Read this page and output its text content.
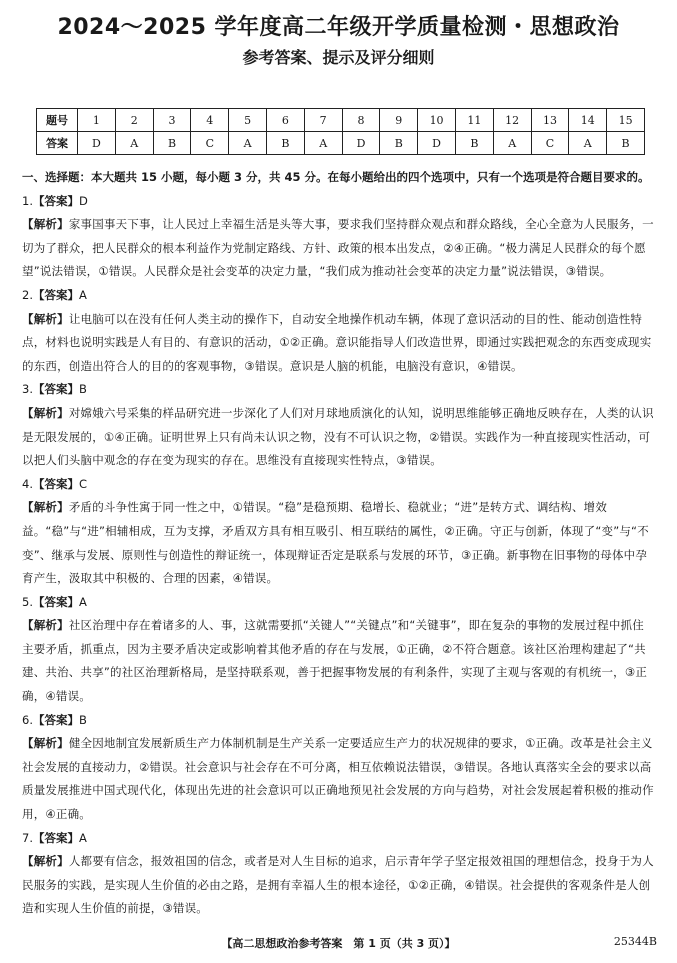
2024～2025 学年度高二年级开学质量检测・思想政治
参考答案、提示及评分细则
题号	1	2	3	4	5	6	7	8	9	10	11	12	13	14	15
答案	D	A	B	C	A	B	A	D	B	D	B	A	C	A	B
一、选择题：本大题共 15 小题，每小题 3 分，共 45 分。在每小题给出的四个选项中，只有一个选项是符合题目要求的。
1.【答案】D
【解析】家事国事天下事，让人民过上幸福生活是头等大事，要求我们坚持群众观点和群众路线，全心全意为人民服务，一切为了群众，把人民群众的根本利益作为党制定路线、方针、政策的根本出发点，②④正确。“极力满足人民群众的每个愿望”说法错误，①错误。人民群众是社会变革的决定力量，“我们成为推动社会变革的决定力量”说法错误，③错误。
2.【答案】A
【解析】让电脑可以在没有任何人类主动的操作下，自动安全地操作机动车辆，体现了意识活动的目的性、能动创造性特点，材料也说明实践是人有目的、有意识的活动，①②正确。意识能指导人们改造世界，即通过实践把观念的东西变成现实的东西，创造出符合人的目的的客观事物，③错误。意识是人脑的机能，电脑没有意识，④错误。
3.【答案】B
【解析】对嫦娥六号采集的样品研究进一步深化了人们对月球地质演化的认知，说明思维能够正确地反映存在，人类的认识是无限发展的，①④正确。证明世界上只有尚未认识之物，没有不可认识之物，②错误。实践作为一种直接现实性活动，可以把人们头脑中观念的存在变为现实的存在。思维没有直接现实性特点，③错误。
4.【答案】C
【解析】矛盾的斗争性寓于同一性之中，①错误。“稳”是稳预期、稳增长、稳就业；“进”是转方式、调结构、增效益。“稳”与“进”相辅相成，互为支撑，矛盾双方具有相互吸引、相互联结的属性，②正确。守正与创新，体现了“变”与“不变”、继承与发展、原则性与创造性的辩证统一，体现辩证否定是联系与发展的环节，③正确。新事物在旧事物的母体中孕育产生，汲取其中积极的、合理的因素，④错误。
5.【答案】A
【解析】社区治理中存在着诸多的人、事，这就需要抓“关键人”“关键点”和“关键事”，即在复杂的事物的发展过程中抓住主要矛盾，抓重点，因为主要矛盾决定或影响着其他矛盾的存在与发展，①正确，②不符合题意。该社区治理构建起了“共建、共治、共享”的社区治理新格局，是坚持联系观，善于把握事物发展的有利条件，实现了主观与客观的有机统一，③正确，④错误。
6.【答案】B
【解析】健全因地制宜发展新质生产力体制机制是生产关系一定要适应生产力的状况规律的要求，①正确。改革是社会主义社会发展的直接动力，②错误。社会意识与社会存在不可分离，相互依赖说法错误，③错误。各地认真落实全会的要求以高质量发展推进中国式现代化，体现出先进的社会意识可以正确地预见社会发展的方向与趋势，对社会发展起着积极的推动作用，④正确。
7.【答案】A
【解析】人都要有信念，报效祖国的信念，或者是对人生目标的追求，启示青年学子坚定报效祖国的理想信念，投身于为人民服务的实践，是实现人生价值的必由之路，是拥有幸福人生的根本途径，①②正确，④错误。社会提供的客观条件是人创造和实现人生价值的前提，③错误。
【高二思想政治参考答案　第 1 页（共 3 页）】	25344B
